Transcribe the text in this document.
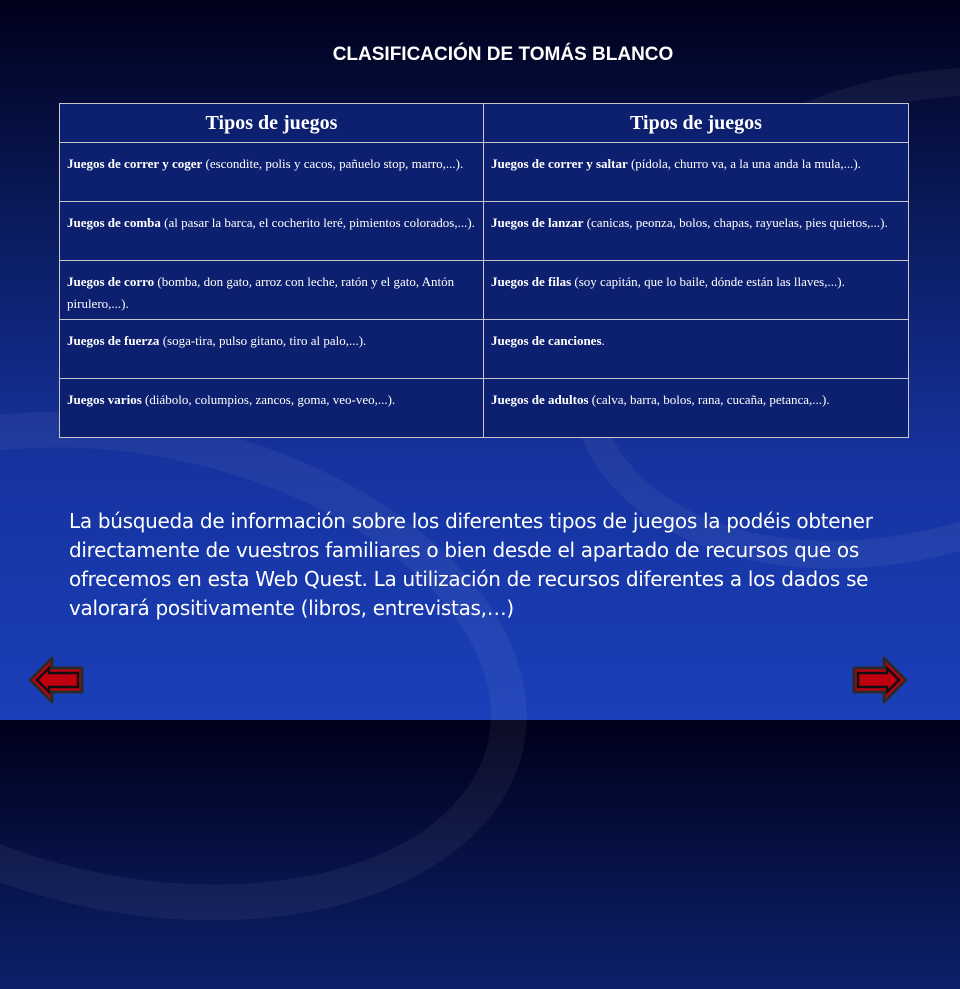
CLASIFICACIÓN DE TOMÁS BLANCO
Tipos de juegos	Tipos de juegos
Juegos de correr y coger (escondite, polis y cacos, pañuelo stop, marro,...).	Juegos de correr y saltar (pídola, churro va, a la una anda la mula,...).
Juegos de comba (al pasar la barca, el cocherito leré, pimientos colorados,...).	Juegos de lanzar (canicas, peonza, bolos, chapas, rayuelas, pies quietos,...).
Juegos de corro (bomba, don gato, arroz con leche, ratón y el gato, Antón pirulero,...).	Juegos de filas (soy capitán, que lo baile, dónde están las llaves,...).
Juegos de fuerza (soga-tira, pulso gitano, tiro al palo,...).	Juegos de canciones.
Juegos varios (diábolo, columpios, zancos, goma, veo-veo,...).	Juegos de adultos (calva, barra, bolos, rana, cucaña, petanca,...).
La búsqueda de información sobre los diferentes tipos de juegos la podéis obtener directamente de vuestros familiares o bien desde el apartado de recursos que os ofrecemos en esta Web Quest. La utilización de recursos diferentes a los dados se valorará positivamente (libros, entrevistas,…)
